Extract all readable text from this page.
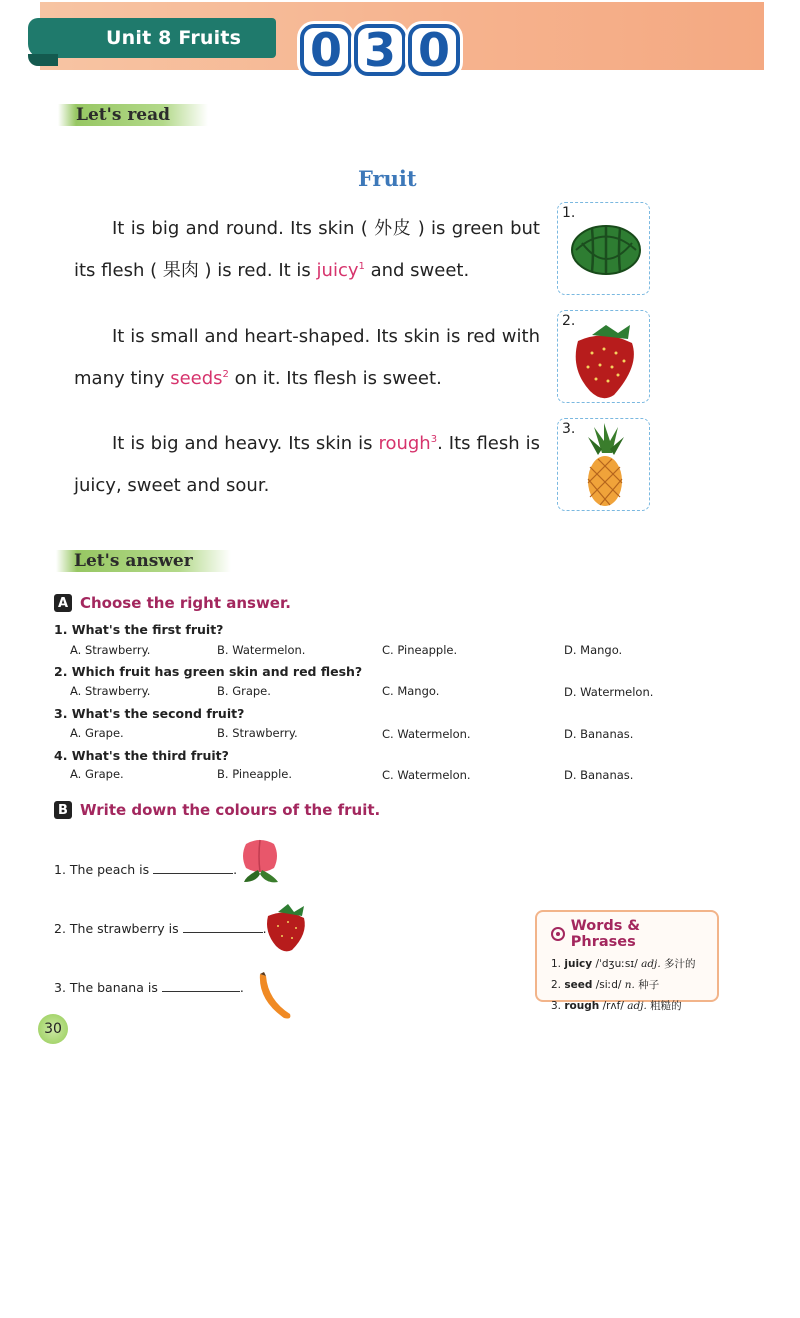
Unit 8 Fruits	0 3 0
Let's read
Fruit
It is big and round. Its skin ( 外皮 ) is green but
its flesh ( 果肉 ) is red. It is juicy$^1$ and sweet.
It is small and heart-shaped. Its skin is red with
many tiny seeds$^2$ on it. Its flesh is sweet.
It is big and heavy. Its skin is rough$^3$. Its flesh is
juicy, sweet and sour.
1.
2.
3.
Let's answer
A Choose the right answer.
1. What's the first fruit?
A. Strawberry.	B. Watermelon.	C. Pineapple.	D. Mango.
2. Which fruit has green skin and red flesh?
A. Strawberry.	B. Grape.	C. Mango.	D. Watermelon.
3. What's the second fruit?
A. Grape.	B. Strawberry.	C. Watermelon.	D. Bananas.
4. What's the third fruit?
A. Grape.	B. Pineapple.	C. Watermelon.	D. Bananas.
B Write down the colours of the fruit.
1. The peach is	.
2. The strawberry is	.
3. The banana is	.
Words & Phrases
1. juicy /ˈdʒuːsɪ/ adj. 多汁的
2. seed /siːd/ n. 种子
3. rough /rʌf/ adj. 粗糙的
30
